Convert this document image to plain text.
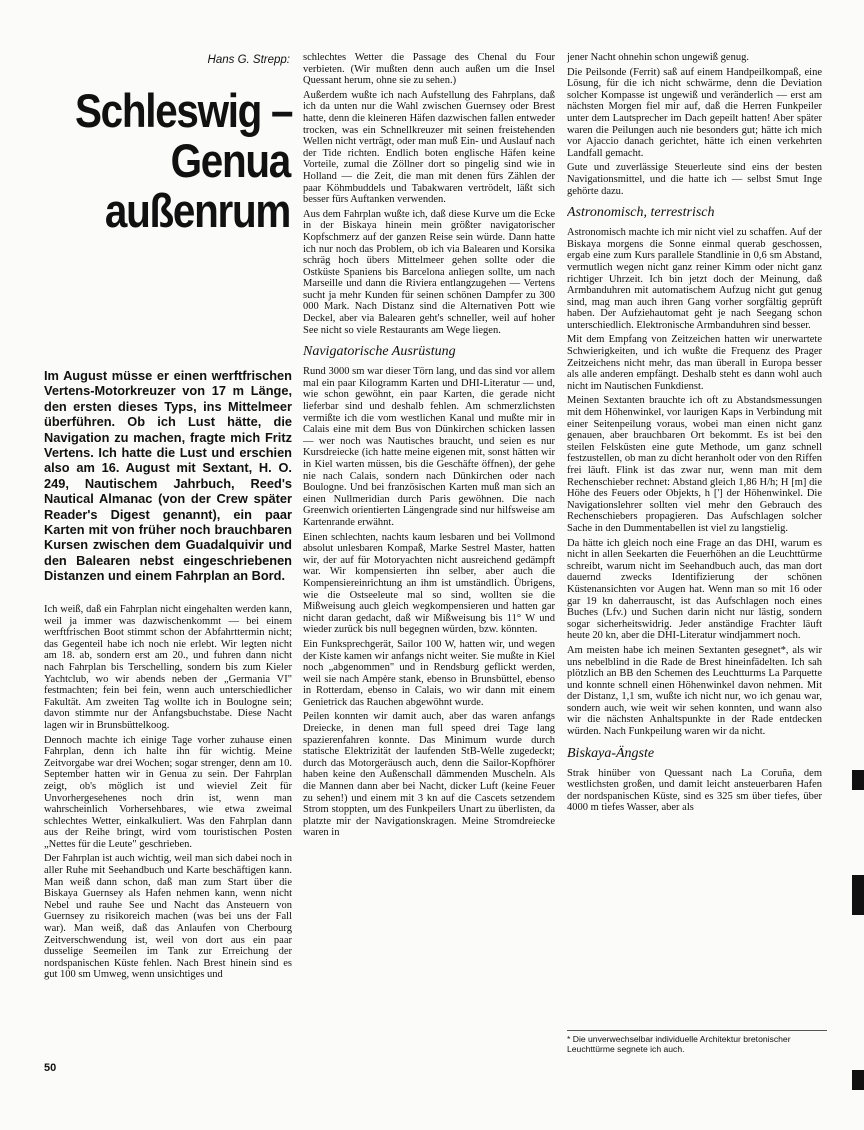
Hans G. Strepp:
Schleswig –
Genua
außenrum
Im August müsse er einen werftfrischen Vertens-Motorkreuzer von 17 m Länge, den ersten dieses Typs, ins Mittelmeer überführen. Ob ich Lust hätte, die Navigation zu machen, fragte mich Fritz Vertens. Ich hatte die Lust und erschien also am 16. August mit Sextant, H. O. 249, Nautischem Jahrbuch, Reed's Nautical Almanac (von der Crew später Reader's Digest genannt), ein paar Karten mit von früher noch brauchbaren Kursen zwischen dem Guadalquivir und den Balearen nebst eingeschriebenen Distanzen und einem Fahrplan an Bord.

Ich weiß, daß ein Fahrplan nicht eingehalten werden kann, weil ja immer was dazwischenkommt — bei einem werftfrischen Boot stimmt schon der Abfahrttermin nicht; das Gegenteil habe ich noch nie erlebt. Wir legten nicht am 18. ab, sondern erst am 20., und fuhren dann nicht nach Fahrplan bis Terschelling, sondern bis zum Kieler Yachtclub, wo wir abends neben der „Germania VI" festmachten; fein bei fein, wenn auch unterschiedlicher Fakultät. Am zweiten Tag wollte ich in Boulogne sein; davon stimmte nur der Anfangsbuchstabe. Diese Nacht lagen wir in Brunsbüttelkoog.

Dennoch machte ich einige Tage vorher zuhause einen Fahrplan, denn ich halte ihn für wichtig. Meine Zeitvorgabe war drei Wochen; sogar strenger, denn am 10. September hatten wir in Genua zu sein. Der Fahrplan zeigt, ob's möglich ist und wieviel Zeit für Unvorhergesehenes noch drin ist, wenn man wahrscheinlich Vorhersehbares, wie etwa zweimal schlechtes Wetter, einkalkuliert. Was den Fahrplan dann aus der Reihe bringt, wird vom touristischen Posten „Nettes für die Leute" geschrieben.

Der Fahrplan ist auch wichtig, weil man sich dabei noch in aller Ruhe mit Seehandbuch und Karte beschäftigen kann. Man weiß dann schon, daß man zum Start über die Biskaya Guernsey als Hafen nehmen kann, wenn nicht Nebel und rauhe See und Nacht das Ansteuern von Guernsey zu risikoreich machen (was bei uns der Fall war). Man weiß, daß das Anlaufen von Cherbourg Zeitverschwendung ist, weil von dort aus ein paar dusselige Seemeilen im Tank zur Erreichung der nordspanischen Küste fehlen. Nach Brest hinein sind es gut 100 sm Umweg, wenn unsichtiges und

schlechtes Wetter die Passage des Chenal du Four verbieten. (Wir mußten denn auch außen um die Insel Quessant herum, ohne sie zu sehen.)

Außerdem wußte ich nach Aufstellung des Fahrplans, daß ich da unten nur die Wahl zwischen Guernsey oder Brest hatte, denn die kleineren Häfen dazwischen fallen entweder trocken, was ein Schnellkreuzer mit seinen freistehenden Wellen nicht verträgt, oder man muß Ein- und Auslauf nach der Tide richten. Endlich boten englische Häfen keine Vorteile, zumal die Zöllner dort so pingelig sind wie in Holland — die Zeit, die man mit denen fürs Zählen der paar Köhmbuddels und Tabakwaren vertrödelt, läßt sich besser fürs Auftanken verwenden.

Aus dem Fahrplan wußte ich, daß diese Kurve um die Ecke in der Biskaya hinein mein größter navigatorischer Kopfschmerz auf der ganzen Reise sein würde. Dann hatte ich nur noch das Problem, ob ich via Balearen und Korsika schräg hoch übers Mittelmeer gehen sollte oder die Ostküste Spaniens bis Barcelona anliegen sollte, um nach Marseille und dann die Riviera entlangzugehen — Vertens sucht ja mehr Kunden für seinen schönen Dampfer zu 300 000 Mark. Nach Distanz sind die Alternativen Pott wie Deckel, aber via Balearen geht's schneller, weil auf hoher See nicht so viele Restaurants am Wege liegen.

Navigatorische Ausrüstung

Rund 3000 sm war dieser Törn lang, und das sind vor allem mal ein paar Kilogramm Karten und DHI-Literatur — und, wie schon gewöhnt, ein paar Karten, die gerade nicht lieferbar sind und deshalb fehlen. Am schmerzlichsten vermißte ich die vom westlichen Kanal und mußte mir in Calais eine mit dem Bus von Dünkirchen schicken lassen — wer noch was Nautisches braucht, und seien es nur Kursdreiecke (ich hatte meine eigenen mit, sonst hätten wir in Kiel warten müssen, bis die Geschäfte öffnen), der gehe nie nach Calais, sondern nach Dünkirchen oder nach Boulogne. Und bei französischen Karten muß man sich an einen Nullmeridian durch Paris gewöhnen. Die nach Greenwich orientierten Längengrade sind nur hilfsweise am Kartenrande erwähnt.

Einen schlechten, nachts kaum lesbaren und bei Vollmond absolut unlesbaren Kompaß, Marke Sestrel Master, hatten wir, der auf für Motoryachten nicht ausreichend gedämpft war. Wir kompensierten ihn selber, aber auch die Kompensiereinrichtung an ihm ist umständlich. Übrigens, wie die Ostseeleute mal so sind, wollten sie die Mißweisung auch gleich wegkompensieren und hatten gar nicht daran gedacht, daß wir Mißweisung bis 11° W und wieder zurück bis null begegnen würden, bzw. könnten.

Ein Funksprechgerät, Sailor 100 W, hatten wir, und wegen der Kiste kamen wir anfangs nicht weiter. Sie mußte in Kiel noch „abgenommen" und in Rendsburg geflickt werden, weil sie nach Ampère stank, ebenso in Brunsbüttel, ebenso in Rotterdam, ebenso in Calais, wo wir dann mit einem Genietrick das Rauchen abgewöhnt wurde.

Peilen konnten wir damit auch, aber das waren anfangs Dreiecke, in denen man full speed drei Tage lang spazierenfahren konnte. Das Minimum wurde durch statische Elektrizität der laufenden StB-Welle zugedeckt; durch das Motorgeräusch auch, denn die Sailor-Kopfhörer haben keine den Außenschall dämmenden Muscheln. Als die Mannen dann aber bei Nacht, dicker Luft (keine Feuer zu sehen!) und einem mit 3 kn auf die Cascets setzendem Strom stoppten, um des Funkpeilers Unart zu überlisten, da platzte mir der Navigationskragen. Meine Stromdreiecke waren in

jener Nacht ohnehin schon ungewiß genug.

Die Peilsonde (Ferrit) saß auf einem Handpeilkompaß, eine Lösung, für die ich nicht schwärme, denn die Deviation solcher Kompasse ist ungewiß und veränderlich — erst am nächsten Morgen fiel mir auf, daß die Herren Funkpeiler unter dem Lautsprecher im Dach gepeilt hatten! Aber später waren die Peilungen auch nie besonders gut; hätte ich mich vor Ajaccio danach gerichtet, hätte ich einen verkehrten Landfall gemacht.

Gute und zuverlässige Steuerleute sind eins der besten Navigationsmittel, und die hatte ich — selbst Smut Inge gehörte dazu.

Astronomisch, terrestrisch

Astronomisch machte ich mir nicht viel zu schaffen. Auf der Biskaya morgens die Sonne einmal querab geschossen, ergab eine zum Kurs parallele Standlinie in 0,6 sm Abstand, vermutlich wegen nicht ganz reiner Kimm oder nicht ganz richtiger Uhrzeit. Ich bin jetzt doch der Meinung, daß Armbanduhren mit automatischem Aufzug nicht gut genug sind, mag man auch ihren Gang vorher sorgfältig geprüft haben. Der Aufziehautomat geht je nach Seegang schon unterschiedlich. Elektronische Armbanduhren sind besser.

Mit dem Empfang von Zeitzeichen hatten wir unerwartete Schwierigkeiten, und ich wußte die Frequenz des Prager Zeitzeichens nicht mehr, das man überall in Europa besser als alle anderen empfängt. Deshalb steht es dann wohl auch nicht im Nautischen Funkdienst.

Meinen Sextanten brauchte ich oft zu Abstandsmessungen mit dem Höhenwinkel, vor laurigen Kaps in Verbindung mit einer Seitenpeilung voraus, wobei man einen nicht ganz genauen, aber brauchbaren Ort bekommt. Es ist bei den steilen Felsküsten eine gute Methode, um ganz schnell festzustellen, ob man zu dicht heranholt oder von den Riffen frei läuft. Flink ist das zwar nur, wenn man mit dem Rechenschieber rechnet: Abstand gleich 1,86 H/h; H [m] die Höhe des Feuers oder Objekts, h ['] der Höhenwinkel. Die Navigationslehrer sollten viel mehr den Gebrauch des Rechenschiebers propagieren. Das Aufschlagen solcher Sache in den Dummentabellen ist viel zu langstielig.

Da hätte ich gleich noch eine Frage an das DHI, warum es nicht in allen Seekarten die Feuerhöhen an die Leuchttürme schreibt, warum nicht im Seehandbuch auch, das man dort dauernd zwecks Identifizierung der schönen Küstenansichten vor Augen hat. Wenn man so mit 16 oder gar 19 kn daherrauscht, ist das Aufschlagen noch eines Buches (Lfv.) und Suchen darin nicht nur lästig, sondern sogar sicherheitswidrig. Jeder anständige Frachter läuft heute 20 kn, aber die DHI-Literatur windjammert noch.

Am meisten habe ich meinen Sextanten gesegnet*, als wir uns nebelblind in die Rade de Brest hineinfädelten. Ich sah plötzlich an BB den Schemen des Leuchtturms La Parquette und konnte schnell einen Höhenwinkel davon nehmen. Mit der Distanz, 1,1 sm, wußte ich nicht nur, wo ich genau war, sondern auch, wie weit wir sehen konnten, und wann also wir die nächsten Anhaltspunkte in der Rade entdecken würden. Nach Funkpeilung waren wir da nicht.

Biskaya-Ängste

Strak hinüber von Quessant nach La Coruña, dem westlichsten großen, und damit leicht ansteuerbaren Hafen der nordspanischen Küste, sind es 325 sm über tiefes, über 4000 m tiefes Wasser, aber als

* Die unverwechselbar individuelle Architektur bretonischer Leuchttürme segnete ich auch.
50
